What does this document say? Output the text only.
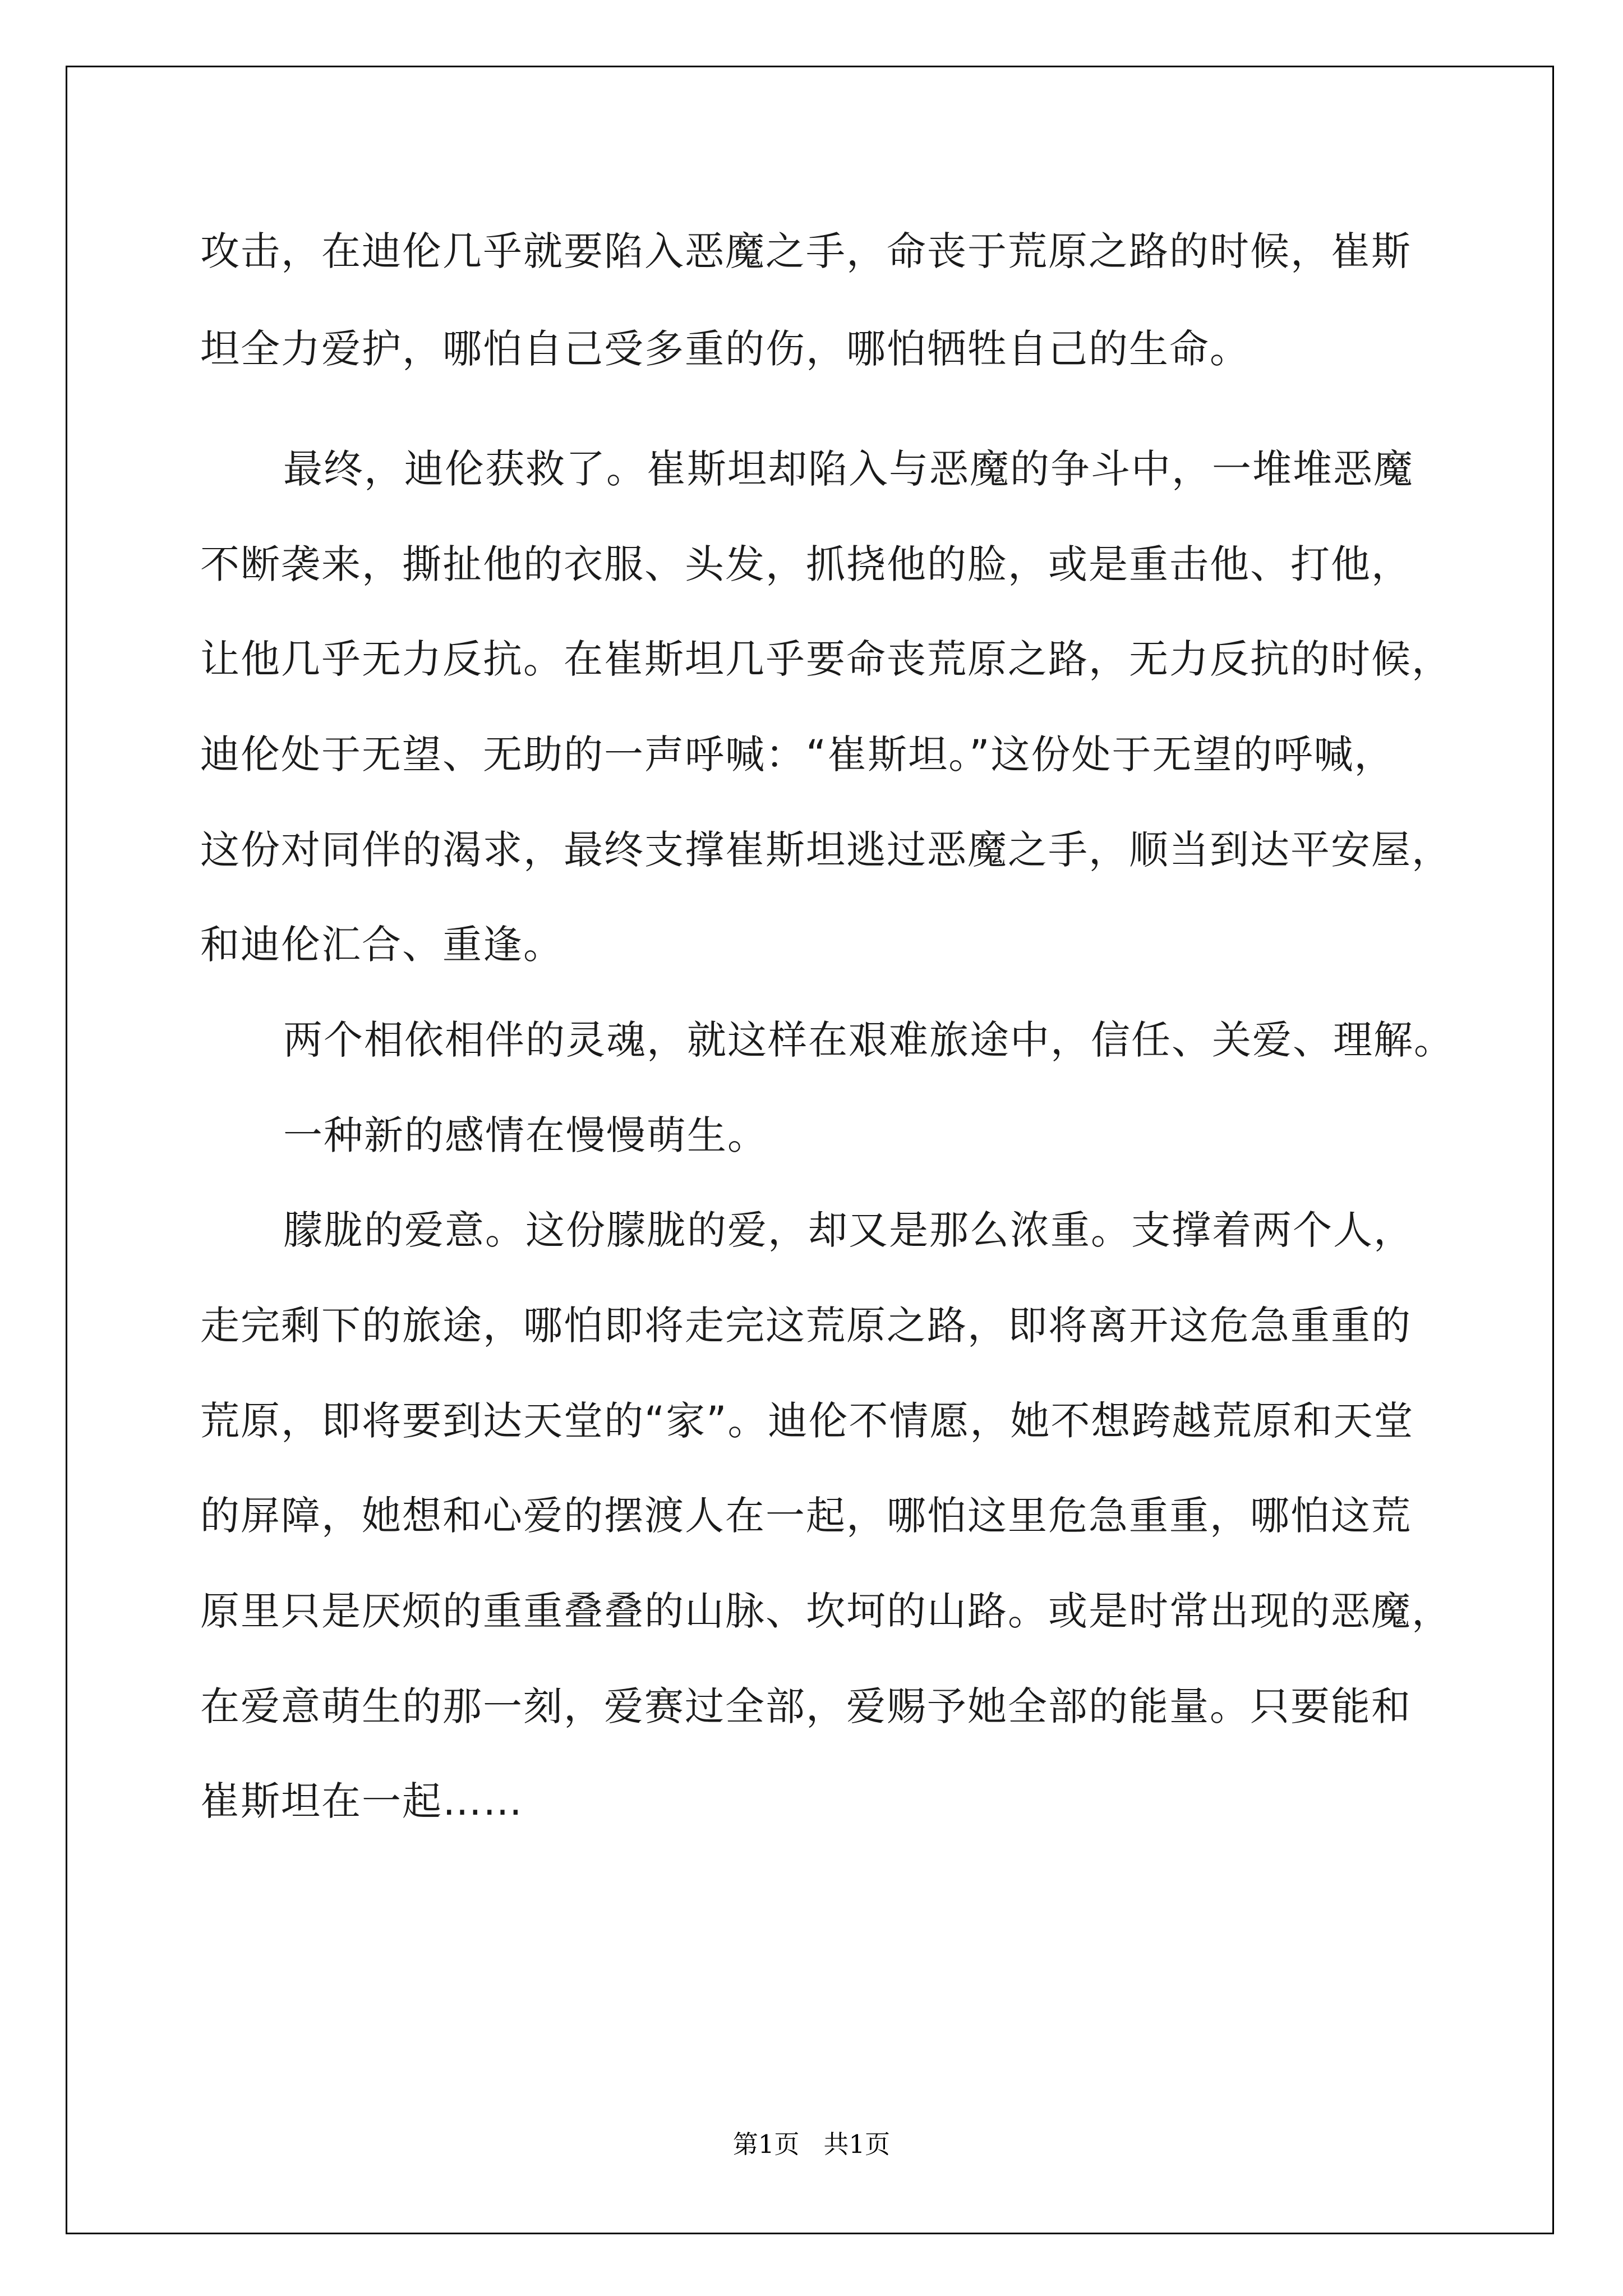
攻击，在迪伦几乎就要陷入恶魔之手，命丧于荒原之路的时候，崔斯
坦全力爱护，哪怕自己受多重的伤，哪怕牺牲自己的生命。
最终，迪伦获救了。崔斯坦却陷入与恶魔的争斗中，一堆堆恶魔
不断袭来，撕扯他的衣服、头发，抓挠他的脸，或是重击他、打他，
让他几乎无力反抗。在崔斯坦几乎要命丧荒原之路，无力反抗的时候，
迪伦处于无望、无助的一声呼喊：“崔斯坦。”这份处于无望的呼喊，
这份对同伴的渴求，最终支撑崔斯坦逃过恶魔之手，顺当到达平安屋，
和迪伦汇合、重逢。
两个相依相伴的灵魂，就这样在艰难旅途中，信任、关爱、理解。
一种新的感情在慢慢萌生。
朦胧的爱意。这份朦胧的爱，却又是那么浓重。支撑着两个人，
走完剩下的旅途，哪怕即将走完这荒原之路，即将离开这危急重重的
荒原，即将要到达天堂的“家”。迪伦不情愿，她不想跨越荒原和天堂
的屏障，她想和心爱的摆渡人在一起，哪怕这里危急重重，哪怕这荒
原里只是厌烦的重重叠叠的山脉、坎坷的山路。或是时常出现的恶魔，
在爱意萌生的那一刻，爱赛过全部，爱赐予她全部的能量。只要能和
崔斯坦在一起……
第1页   共1页
